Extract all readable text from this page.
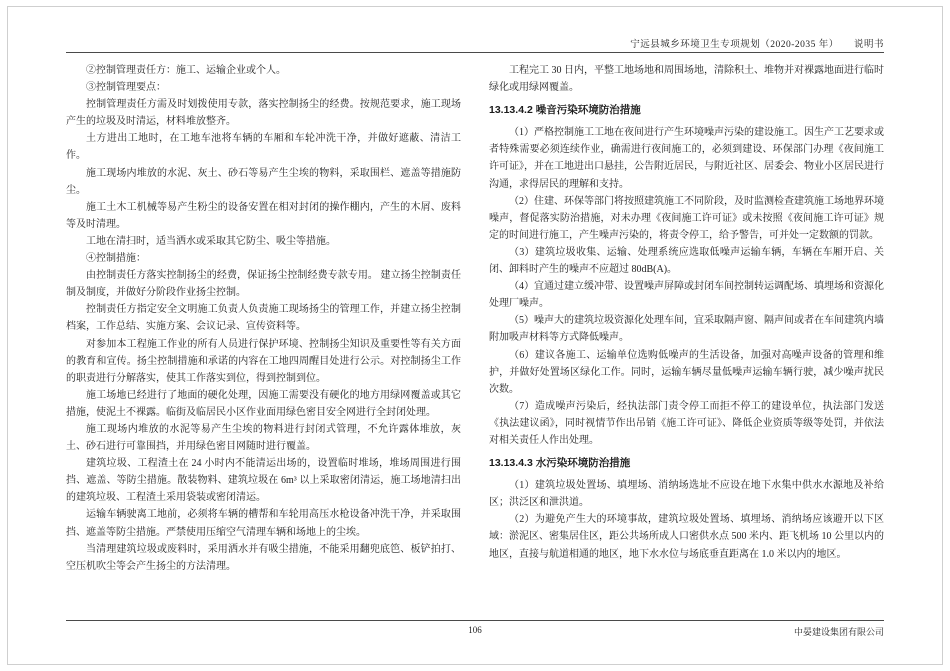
宁远县城乡环境卫生专项规划（2020-2035 年）　　说明书

②控制管理责任方：施工、运输企业或个人。

③控制管理要点：

控制管理责任方需及时划拨使用专款，落实控制扬尘的经费。按规范要求，施工现场产生的垃圾及时清运，材料堆放整齐。

土方进出工地时，在工地车池将车辆的车厢和车轮冲洗干净，并做好遮蔽、清洁工作。

施工现场内堆放的水泥、灰土、砂石等易产生尘埃的物料，采取围栏、遮盖等措施防尘。

施工土木工机械等易产生粉尘的设备安置在相对封闭的操作棚内，产生的木屑、废料等及时清理。

工地在清扫时，适当洒水或采取其它防尘、吸尘等措施。

④控制措施：

由控制责任方落实控制扬尘的经费，保证扬尘控制经费专款专用。 建立扬尘控制责任制及制度，并做好分阶段作业扬尘控制。

控制责任方指定安全文明施工负责人负责施工现场扬尘的管理工作，并建立扬尘控制档案，工作总结、实施方案、会议记录、宣传资料等。

对参加本工程施工作业的所有人员进行保护环境、控制扬尘知识及重要性等有关方面的教育和宣传。扬尘控制措施和承诺的内容在工地四周醒目处进行公示。对控制扬尘工作的职责进行分解落实，使其工作落实到位，得到控制到位。

施工场地已经进行了地面的硬化处理，因施工需要没有硬化的地方用绿网覆盖或其它措施，使泥土不裸露。临街及临居民小区作业面用绿色密目安全网进行全封闭处理。

施工现场内堆放的水泥等易产生尘埃的物料进行封闭式管理，不允许露体堆放，灰土、砂石进行可靠围挡，并用绿色密目网随时进行覆盖。

建筑垃圾、工程渣土在 24 小时内不能清运出场的，设置临时堆场，堆场周围进行围挡、遮盖、等防尘措施。散装物料、建筑垃圾在 6m³ 以上采取密闭清运，施工场地清扫出的建筑垃圾、工程渣土采用袋装或密闭清运。

运输车辆驶离工地前，必须将车辆的槽帮和车轮用高压水枪设备冲洗干净，并采取围挡、遮盖等防尘措施。严禁使用压缩空气清理车辆和场地上的尘埃。

当清理建筑垃圾或废料时，采用洒水并有吸尘措施，不能采用翻兜底笆、板铲拍打、空压机吹尘等会产生扬尘的方法清理。

工程完工 30 日内，平整工地场地和周围场地，清除积土、堆物并对裸露地面进行临时绿化或用绿网覆盖。

13.13.4.2 噪音污染环境防治措施

（1）严格控制施工工地在夜间进行产生环境噪声污染的建设施工。因生产工艺要求或者特殊需要必须连续作业，确需进行夜间施工的，必须到建设、环保部门办理《夜间施工许可证》，并在工地进出口悬挂，公告附近居民，与附近社区、居委会、物业小区居民进行沟通，求得居民的理解和支持。

（2）住建、环保等部门将按照建筑施工不同阶段，及时监测检查建筑施工场地界环境噪声，督促落实防治措施，对未办理《夜间施工许可证》或未按照《夜间施工许可证》规定的时间进行施工，产生噪声污染的，将责令停工，给予警告，可并处一定数额的罚款。

（3）建筑垃圾收集、运输、处理系统应选取低噪声运输车辆，车辆在车厢开启、关闭、卸料时产生的噪声不应超过 80dB(A)。

（4）宜通过建立缓冲带、设置噪声屏障或封闭车间控制转运调配场、填埋场和资源化处理厂噪声。

（5）噪声大的建筑垃圾资源化处理车间，宜采取隔声窗、隔声间或者在车间建筑内墙附加吸声材料等方式降低噪声。

（6）建议各施工、运输单位选购低噪声的生活设备，加强对高噪声设备的管理和维护，并做好处置场区绿化工作。同时，运输车辆尽量低噪声运输车辆行驶，减少噪声扰民次数。

（7）造成噪声污染后，经执法部门责令停工而拒不停工的建设单位，执法部门发送《执法建议函》，同时视情节作出吊销《施工许可证》、降低企业资质等级等处罚，并依法对相关责任人作出处理。

13.13.4.3 水污染环境防治措施

（1）建筑垃圾处置场、填埋场、消纳场选址不应设在地下水集中供水水源地及补给区；洪泛区和泄洪道。

（2）为避免产生大的环境事故，建筑垃圾处置场、填埋场、消纳场应该避开以下区域：淤泥区、密集居住区，距公共场所成人口密供水点 500 米内、距飞机场 10 公里以内的地区，直接与航道相通的地区，地下水水位与场底垂直距离在 1.0 米以内的地区。

106	中晏建设集团有限公司
